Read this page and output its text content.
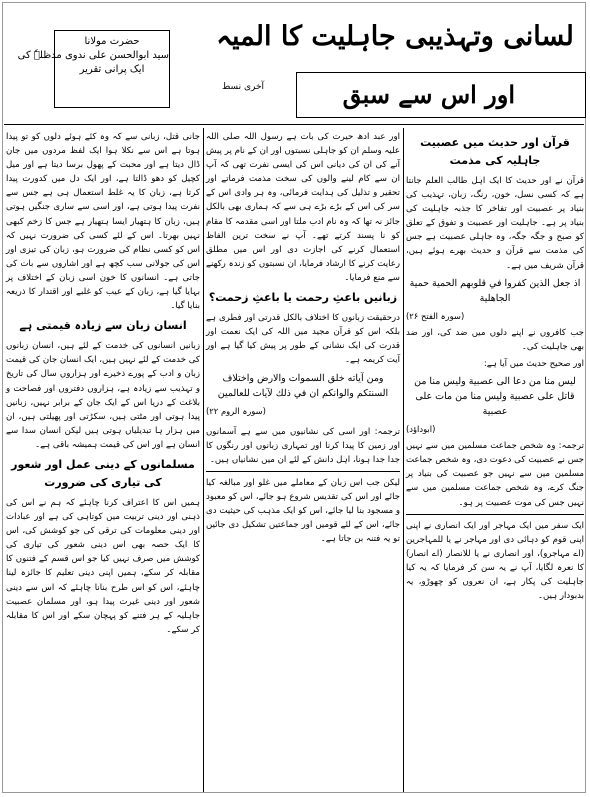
لسانی وتہذیبی جاہلیت کا المیہ
اور اس سے سبق
آخری نسط
حضرت مولانا
سید ابوالحسن علی ندوی مدظلہٗ کی
ایک پرانی تقریر
قرآن اور حدیث میں عصبیت جاہلیہ کی مذمت

قرآن نے اور حدیث کا ایک اہل طالب العلم جانتا ہے کہ کسی نسل، خون، رنگ، زبان، تہذیب کی بنیاد پر عصبیت اور تفاخر کا جذبہ جاہلیت کی بنیاد پر ہے۔ جاہلیت اور عصبیت و تفوق کے تعلق کو صبح و جگہ جگہ، وہ جاہلی عصبیت ہے جس کی مذمت سے قرآن و حدیث بھرے ہوئے ہیں، قرآن شریف میں ہے۔

اذ جعل الذين كفروا في قلوبهم الحمية حمية الجاهلية
(سورہ الفتح ۲۶)

جب کافروں نے اپنے دلوں میں ضد کی، اور ضد بھی جاہلیت کی۔

اور صحیح حدیث میں آیا ہے:

ليس منا من دعا الى عصبية وليس منا من قاتل على عصبية وليس منا من مات على عصبية
(ابوداؤد)

ترجمہ: وہ شخص جماعت مسلمین میں سے نہیں جس نے عصبیت کی دعوت دی، وہ شخص جماعت مسلمین میں سے نہیں جو عصبیت کی بنیاد پر جنگ کرے، وہ شخص جماعت مسلمین میں سے نہیں جس کی موت عصبیت پر ہو۔

ایک سفر میں ایک مہاجر اور ایک انصاری نے اپنی اپنی قوم کو دہائی دی اور مہاجر نے یا للمہاجرین (اے مہاجرو)، اور انصاری نے یا للانصار (اے انصار) کا نعرہ لگایا، آپ نے یہ سن کر فرمایا کہ یہ کیا جاہلیت کی پکار ہے، ان نعروں کو چھوڑو، یہ بدبودار ہیں۔

اور عبد ادھ حیرت کی بات ہے رسول اللہ صلی اللہ علیہ وسلم ان کو جاہلی نسبتوں اور ان کے نام پر پیش آنے کی ان کی دیانی اس کی ایسی نفرت تھی کہ آپ ان سے کام لینے والوں کی سخت مذمت فرماتے اور تحقیر و تذلیل کی ہدایت فرمائی، وہ ہر وادی اس کے سر کی اس کے بڑے بڑے ہی سے کہ ہماری بھی بالکل جائز نہ تھا کہ وہ نام ادب ملتا اور اسی مقدمہ کا مقام کو نا پسند کرتے تھے۔ آپ نے سخت ترین الفاظ استعمال کرنے کی اجازت دی اور اس میں مطلق رعایت کرنے کا ارشاد فرمایا، ان نسبتوں کو زندہ رکھنے سے منع فرمایا۔

زبانیں باعثِ رحمت یا باعثِ زحمت؟

درحقیقت زبانوں کا اختلاف بالکل قدرتی اور فطری ہے بلکہ اس کو قرآن مجید میں اللہ کی ایک نعمت اور قدرت کی ایک نشانی کے طور پر پیش کیا گیا ہے اور آیت کریمہ ہے۔

ومن آياته خلق السموات والارض واختلاف السنتكم والوانكم ان في ذلك لآيات للعالمين
(سورہ الروم ۲۲)

ترجمہ: اور اسی کی نشانیوں میں سے ہے آسمانوں اور زمین کا پیدا کرنا اور تمہاری زبانوں اور رنگوں کا جدا جدا ہونا، اہل دانش کے لئے ان میں نشانیاں ہیں۔

لیکن جب اس زبان کے معاملے میں غلو اور مبالغہ کیا جائے اور اس کی تقدیس شروع ہو جائے، اس کو معبود و مسجود بنا لیا جائے، اس کو ایک مذہب کی حیثیت دی جائے، اس کے لئے قومیں اور جماعتیں تشکیل دی جائیں تو یہ فتنہ بن جاتا ہے۔

جانی قتل، زبانی سے کہ وہ کئے ہوئے دلوں کو تو پیدا ہوتا ہے اس سے نکلا ہوا ایک لفظ مردوں میں جان ڈال دیتا ہے اور محبت کے پھول برسا دیتا ہے اور میل کچیل کو دھو ڈالتا ہے، اور ایک دل میں کدورت پیدا کرتا ہے، زبان کا یہ غلط استعمال ہی ہے جس سے نفرت پیدا ہوتی ہے، اور اسی سے ساری جنگیں ہوتی ہیں، زبان کا ہتھیار ایسا ہتھیار ہے جس کا زخم کبھی نہیں بھرتا۔ اس کے لئے کسی کی ضرورت نہیں کہ اس کو کسی نظام کی ضرورت ہو، زبان کی تیزی اور اس کی جولانی سب کچھ ہے اور اشاروں سے بات کی جاتی ہے۔ انسانوں کا خون اسی زبان کے اختلاف پر بہایا گیا ہے، زبان کے عیب کو غلبے اور اقتدار کا ذریعہ بنایا گیا۔

انسان زبان سے زیادہ قیمتی ہے

زبانیں انسانوں کی خدمت کے لئے ہیں، انسان زبانوں کی خدمت کے لئے نہیں ہیں، ایک انسان جان کی قیمت زبان و ادب کے پورے ذخیرے اور ہزاروں سال کی تاریخ و تہذیب سے زیادہ ہے، ہزاروں دفتروں اور فصاحت و بلاغت کے دریا اس کے ایک جان کے برابر نہیں، زبانیں پیدا ہوتی اور مٹتی ہیں، سکڑتی اور پھیلتی ہیں، ان میں ہزار ہا تبدیلیاں ہوتی ہیں لیکن انسان سدا سے انسان ہے اور اس کی قیمت ہمیشہ باقی ہے۔

مسلمانوں کے دینی عمل اور شعور کی تیاری کی ضرورت

ہمیں اس کا اعتراف کرنا چاہئے کہ ہم نے اس کی ذہنی اور دینی تربیت میں کوتاہی کی ہے اور عبادات اور دینی معلومات کی ترقی کی جو کوشش کی، اس کا ایک حصہ بھی اس دینی شعور کی تیاری کی کوشش میں صرف نہیں کیا جو اس قسم کے فتنوں کا مقابلہ کر سکے، ہمیں اپنی دینی تعلیم کا جائزہ لینا چاہئے، اس کو اس طرح بنانا چاہئے کہ اس سے دینی شعور اور دینی غیرت پیدا ہو، اور مسلمان عصبیت جاہلیہ کے ہر فتنے کو پہچان سکے اور اس کا مقابلہ کر سکے۔
